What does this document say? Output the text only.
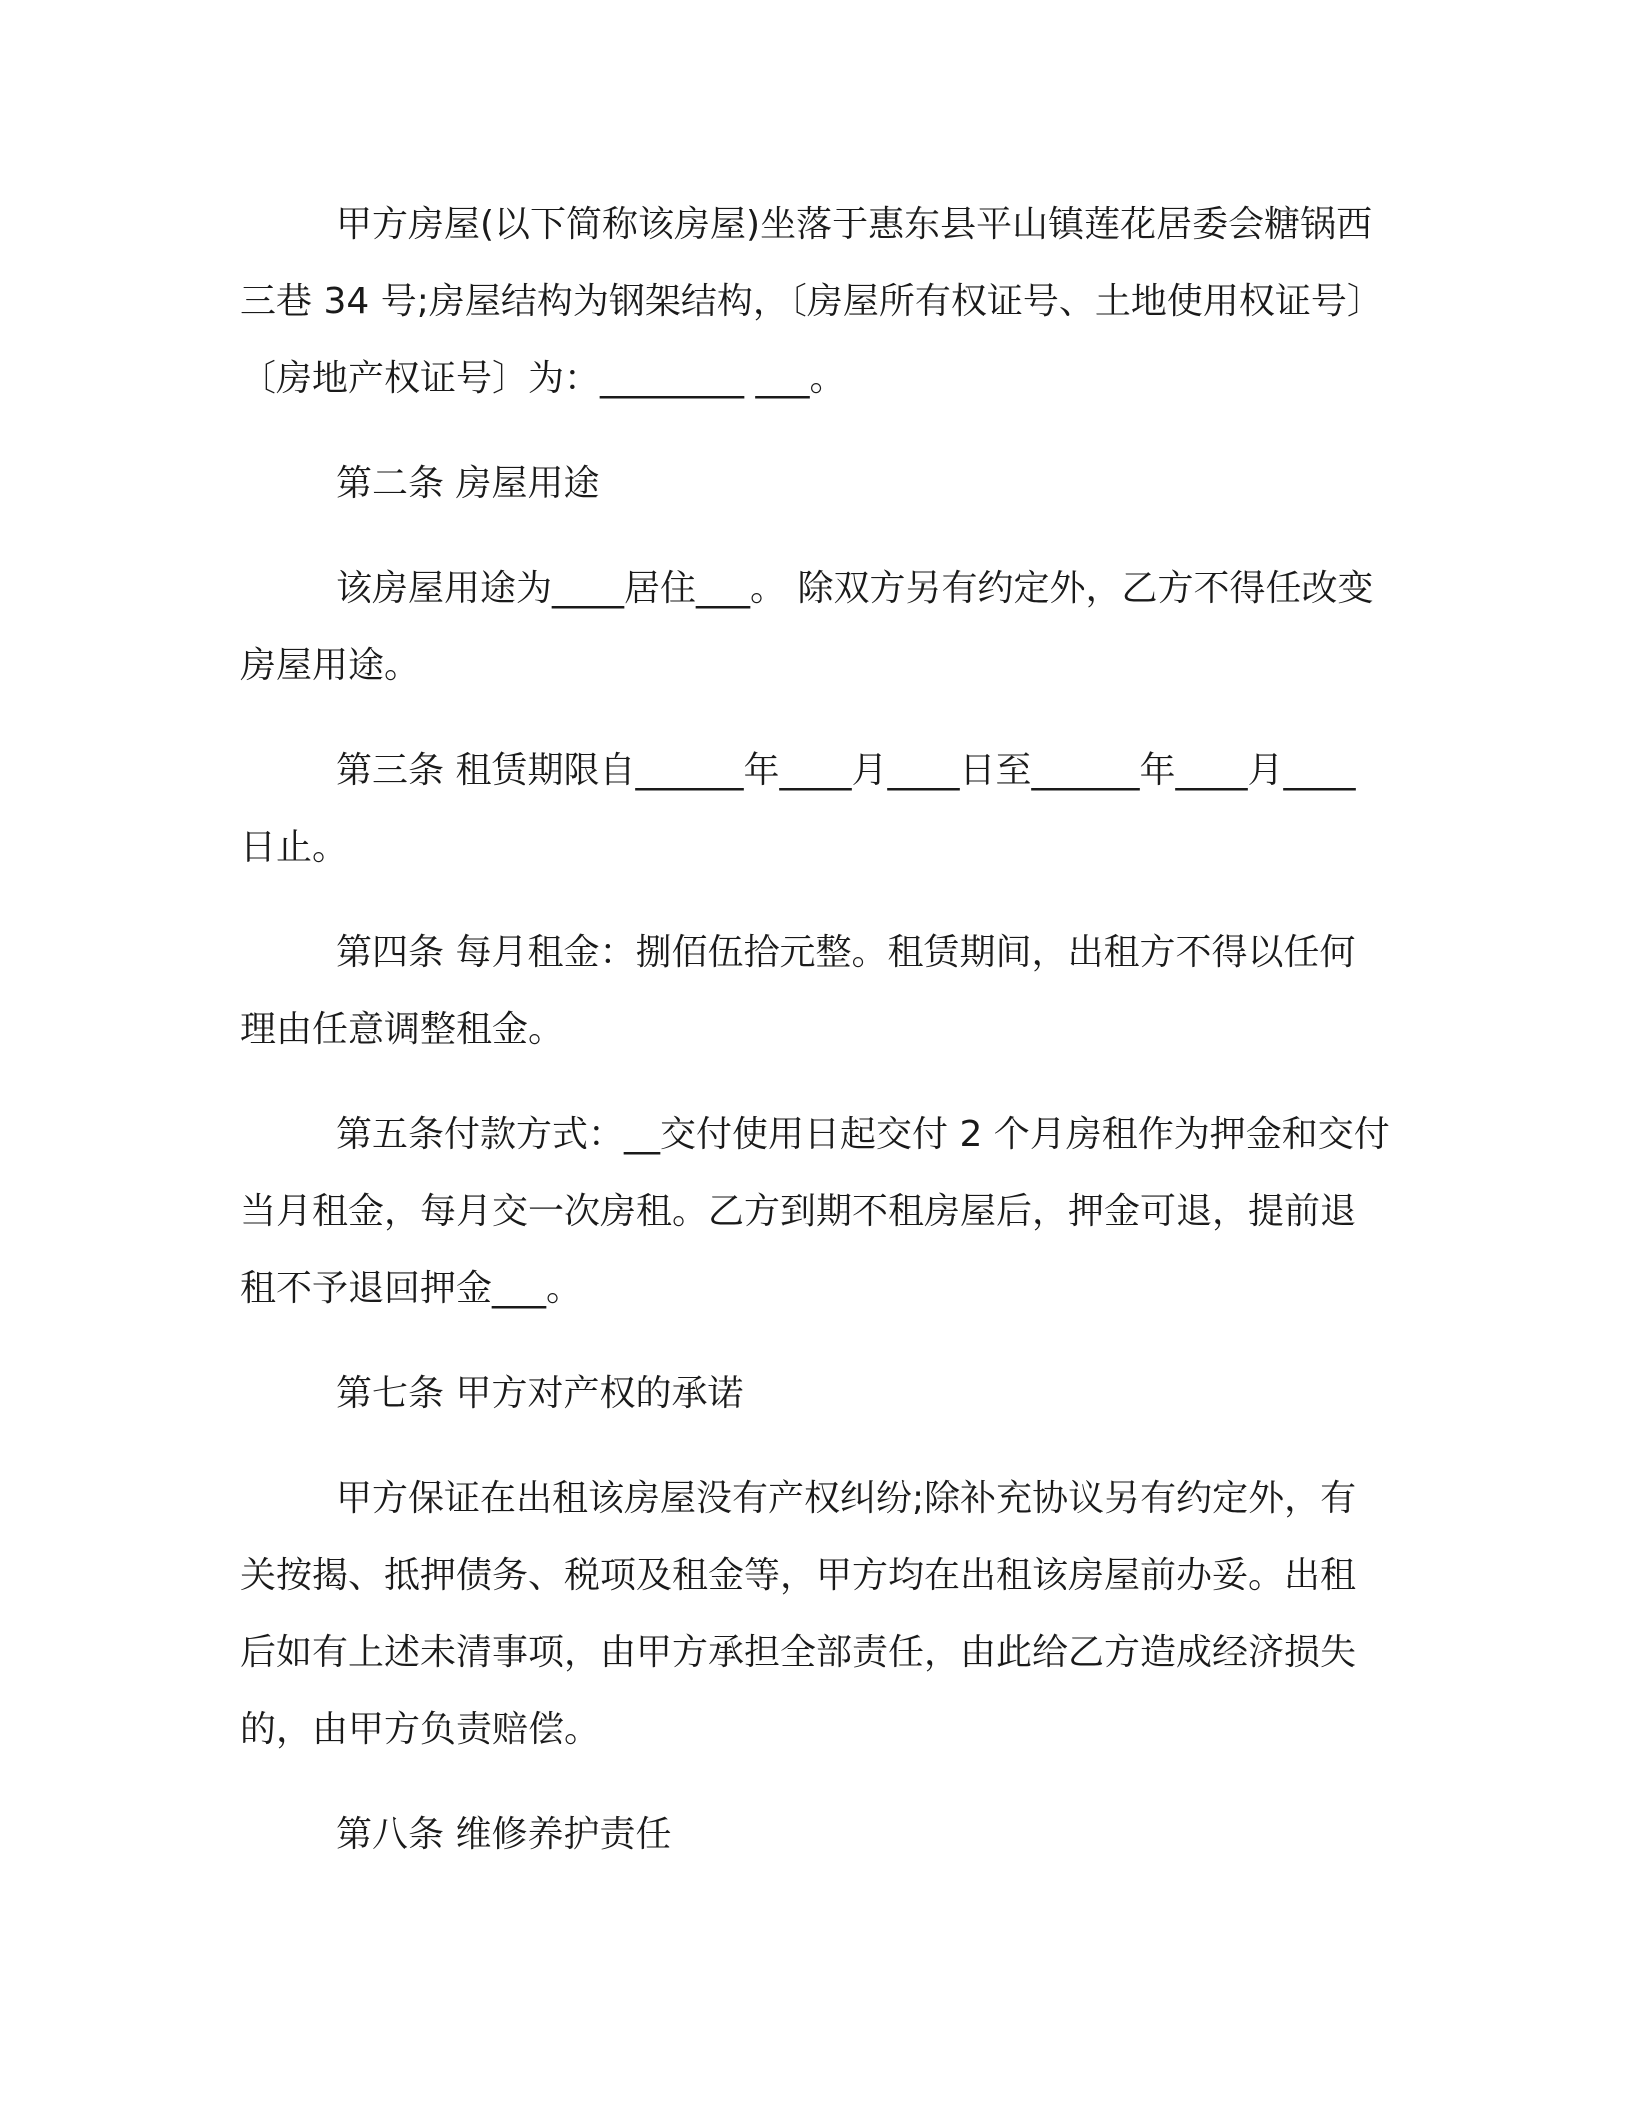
甲方房屋(以下简称该房屋)坐落于惠东县平山镇莲花居委会糖锅西三巷 34 号;房屋结构为钢架结构，〔房屋所有权证号、土地使用权证号〕〔房地产权证号〕为：________ ___。

第二条 房屋用途

该房屋用途为____居住___。 除双方另有约定外，乙方不得任改变房屋用途。

第三条 租赁期限自______年____月____日至______年____月____日止。

第四条 每月租金：捌佰伍拾元整。租赁期间，出租方不得以任何理由任意调整租金。

第五条付款方式：__交付使用日起交付 2 个月房租作为押金和交付当月租金，每月交一次房租。乙方到期不租房屋后，押金可退，提前退租不予退回押金___。

第七条 甲方对产权的承诺

甲方保证在出租该房屋没有产权纠纷;除补充协议另有约定外，有关按揭、抵押债务、税项及租金等，甲方均在出租该房屋前办妥。出租后如有上述未清事项，由甲方承担全部责任，由此给乙方造成经济损失的，由甲方负责赔偿。

第八条 维修养护责任
